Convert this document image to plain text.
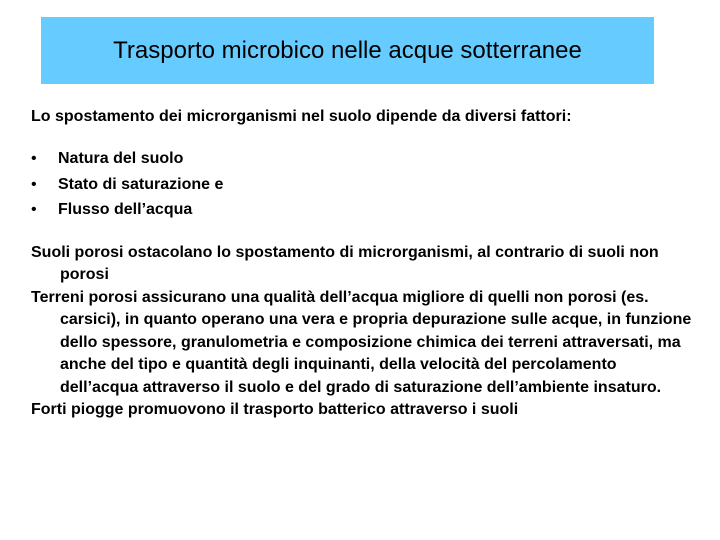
Trasporto microbico nelle acque sotterranee

Lo spostamento dei microrganismi nel suolo dipende da diversi fattori:

• Natura del suolo
• Stato di saturazione e
• Flusso dell’acqua

Suoli porosi ostacolano lo spostamento di microrganismi, al contrario di suoli non porosi

Terreni porosi assicurano una qualità dell’acqua migliore di quelli non porosi (es. carsici), in quanto operano una vera e propria depurazione sulle acque, in funzione dello spessore, granulometria e composizione chimica dei terreni attraversati, ma anche del tipo e quantità degli inquinanti, della velocità del percolamento dell’acqua attraverso il suolo e del grado di saturazione dell’ambiente insaturo.

Forti piogge promuovono il trasporto batterico attraverso i suoli
